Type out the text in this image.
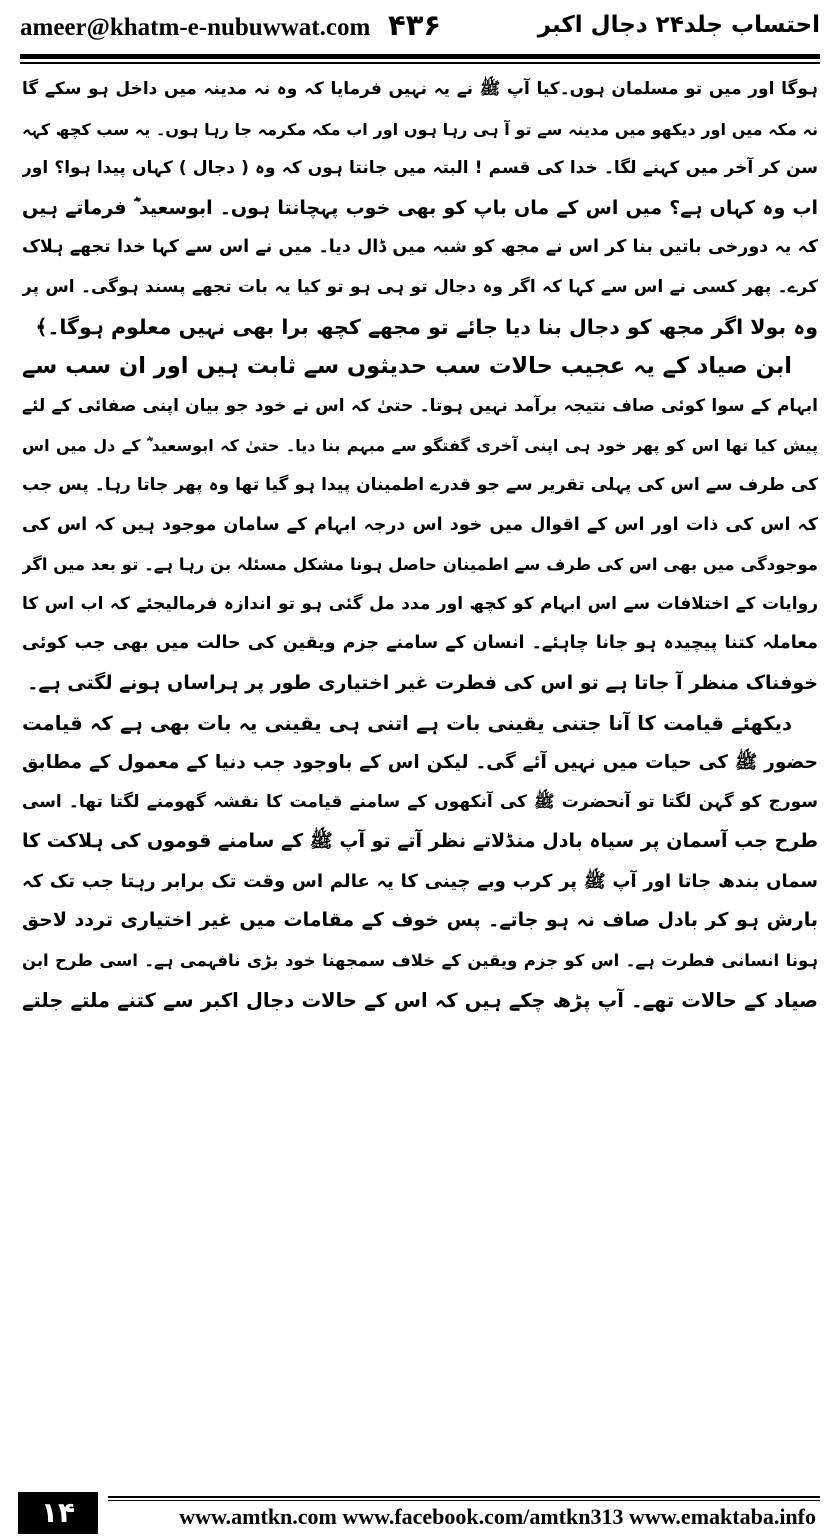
ameer@khatm-e-nubuwwat.com ۴۳۶	احتساب جلد۲۴ دجال اکبر
ہوگا اور میں تو مسلمان ہوں۔کیا آپ ﷺ نے یہ نہیں فرمایا کہ وہ نہ مدینہ میں داخل ہو سکے گا
نہ مکہ میں اور دیکھو میں مدینہ سے تو آ ہی رہا ہوں اور اب مکہ مکرمہ جا رہا ہوں۔ یہ سب کچھ کہہ
سن کر آخر میں کہنے لگا۔ خدا کی قسم ! البتہ میں جانتا ہوں کہ وہ ( دجال ) کہاں پیدا ہوا؟ اور
اب وہ کہاں ہے؟ میں اس کے ماں باپ کو بھی خوب پہچانتا ہوں۔ ابوسعید ؓ فرماتے ہیں
کہ یہ دورخی باتیں بنا کر اس نے مجھ کو شبہ میں ڈال دیا۔ میں نے اس سے کہا خدا تجھے ہلاک
کرے۔ پھر کسی نے اس سے کہا کہ اگر وہ دجال تو ہی ہو تو کیا یہ بات تجھے پسند ہوگی۔ اس پر
وہ بولا اگر مجھ کو دجال بنا دیا جائے تو مجھے کچھ برا بھی نہیں معلوم ہوگا۔﴾
ابن صیاد کے یہ عجیب حالات سب حدیثوں سے ثابت ہیں اور ان سب سے
ابہام کے سوا کوئی صاف نتیجہ برآمد نہیں ہوتا۔ حتیٰ کہ اس نے خود جو بیان اپنی صفائی کے لئے
پیش کیا تھا اس کو پھر خود ہی اپنی آخری گفتگو سے مبہم بنا دیا۔ حتیٰ کہ ابوسعید ؓ کے دل میں اس
کی طرف سے اس کی پہلی تقریر سے جو قدرے اطمینان پیدا ہو گیا تھا وہ پھر جاتا رہا۔ پس جب
کہ اس کی ذات اور اس کے اقوال میں خود اس درجہ ابہام کے سامان موجود ہیں کہ اس کی
موجودگی میں بھی اس کی طرف سے اطمینان حاصل ہونا مشکل مسئلہ بن رہا ہے۔ تو بعد میں اگر
روایات کے اختلافات سے اس ابہام کو کچھ اور مدد مل گئی ہو تو اندازہ فرمالیجئے کہ اب اس کا
معاملہ کتنا پیچیدہ ہو جانا چاہئے۔ انسان کے سامنے جزم ویقین کی حالت میں بھی جب کوئی
خوفناک منظر آ جاتا ہے تو اس کی فطرت غیر اختیاری طور پر ہراساں ہونے لگتی ہے۔
دیکھئے قیامت کا آنا جتنی یقینی بات ہے اتنی ہی یقینی یہ بات بھی ہے کہ قیامت
حضور ﷺ کی حیات میں نہیں آئے گی۔ لیکن اس کے باوجود جب دنیا کے معمول کے مطابق
سورج کو گہن لگتا تو آنحضرت ﷺ کی آنکھوں کے سامنے قیامت کا نقشہ گھومنے لگتا تھا۔ اسی
طرح جب آسمان پر سیاہ بادل منڈلاتے نظر آتے تو آپ ﷺ کے سامنے قوموں کی ہلاکت کا
سماں بندھ جاتا اور آپ ﷺ پر کرب وبے چینی کا یہ عالم اس وقت تک برابر رہتا جب تک کہ
بارش ہو کر بادل صاف نہ ہو جاتے۔ پس خوف کے مقامات میں غیر اختیاری تردد لاحق
ہونا انسانی فطرت ہے۔ اس کو جزم ویقین کے خلاف سمجھنا خود بڑی نافہمی ہے۔ اسی طرح ابن
صیاد کے حالات تھے۔ آپ پڑھ چکے ہیں کہ اس کے حالات دجال اکبر سے کتنے ملتے جلتے
۱۴	www.amtkn.com www.facebook.com/amtkn313 www.emaktaba.info
